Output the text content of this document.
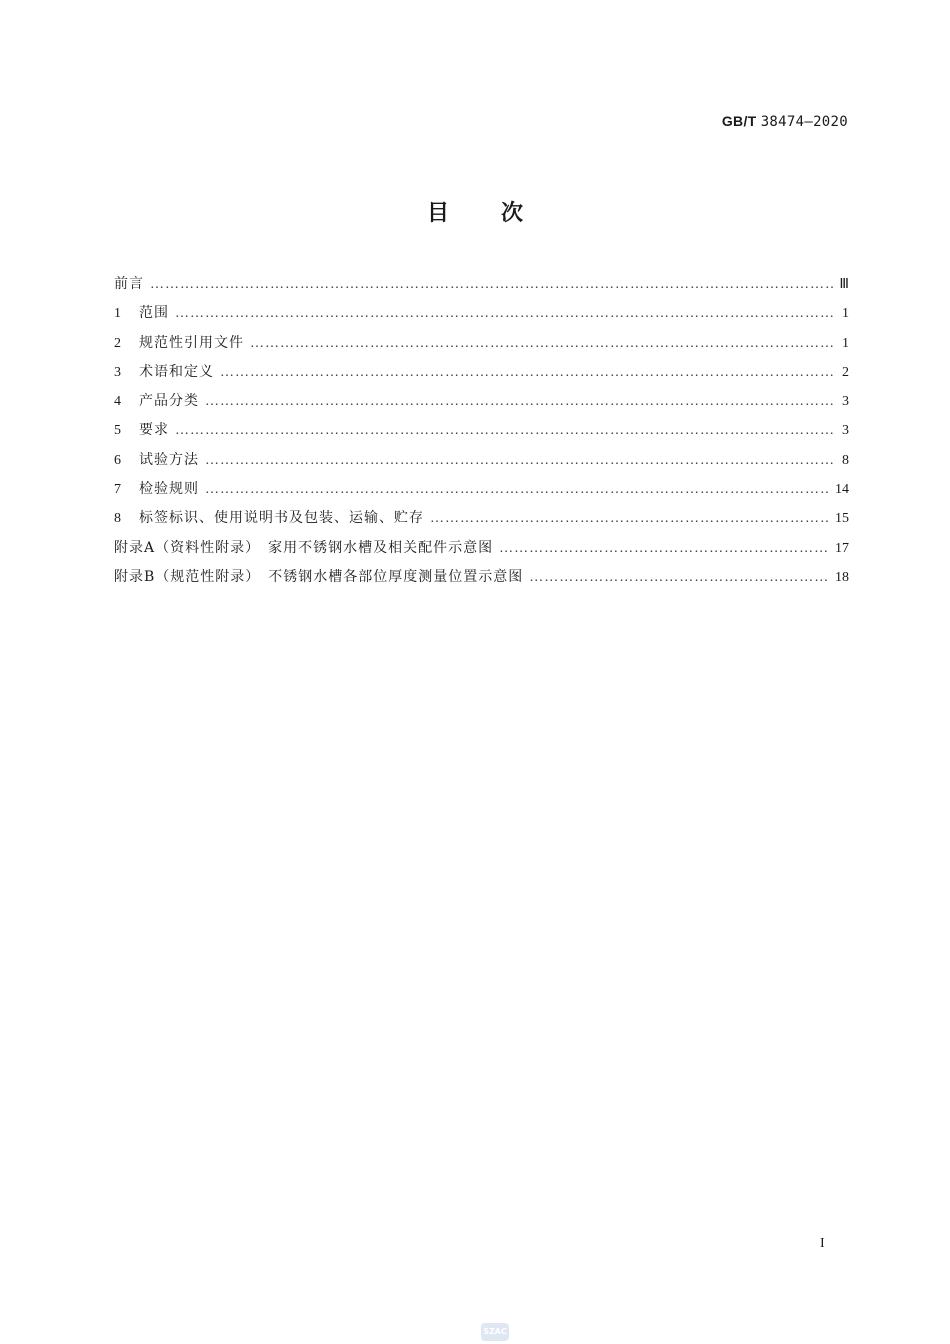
GB/T 38474—2020
目次
前言 ………………………………………………………………………………………………………………………………………………………………………………………………………………………………………	Ⅲ
1	范围 ………………………………………………………………………………………………………………………………………………………………………………………………………………………………………	1
2	规范性引用文件 ………………………………………………………………………………………………………………………………………………………………………………………………………………………………………	1
3	术语和定义 ………………………………………………………………………………………………………………………………………………………………………………………………………………………………………	2
4	产品分类 ………………………………………………………………………………………………………………………………………………………………………………………………………………………………………	3
5	要求 ………………………………………………………………………………………………………………………………………………………………………………………………………………………………………	3
6	试验方法 ………………………………………………………………………………………………………………………………………………………………………………………………………………………………………	8
7	检验规则 ………………………………………………………………………………………………………………………………………………………………………………………………………………………………………	14
8	标签标识、使用说明书及包装、运输、贮存 ………………………………………………………………………………………………………………………………………………………………………………………………………………………………………	15
附录A（资料性附录）　家用不锈钢水槽及相关配件示意图 ………………………………………………………………………………………………………………………………………………………………………………………………………………………………………	17
附录B（规范性附录）　不锈钢水槽各部位厚度测量位置示意图 ………………………………………………………………………………………………………………………………………………………………………………………………………………………………………	18
I
SZAC
